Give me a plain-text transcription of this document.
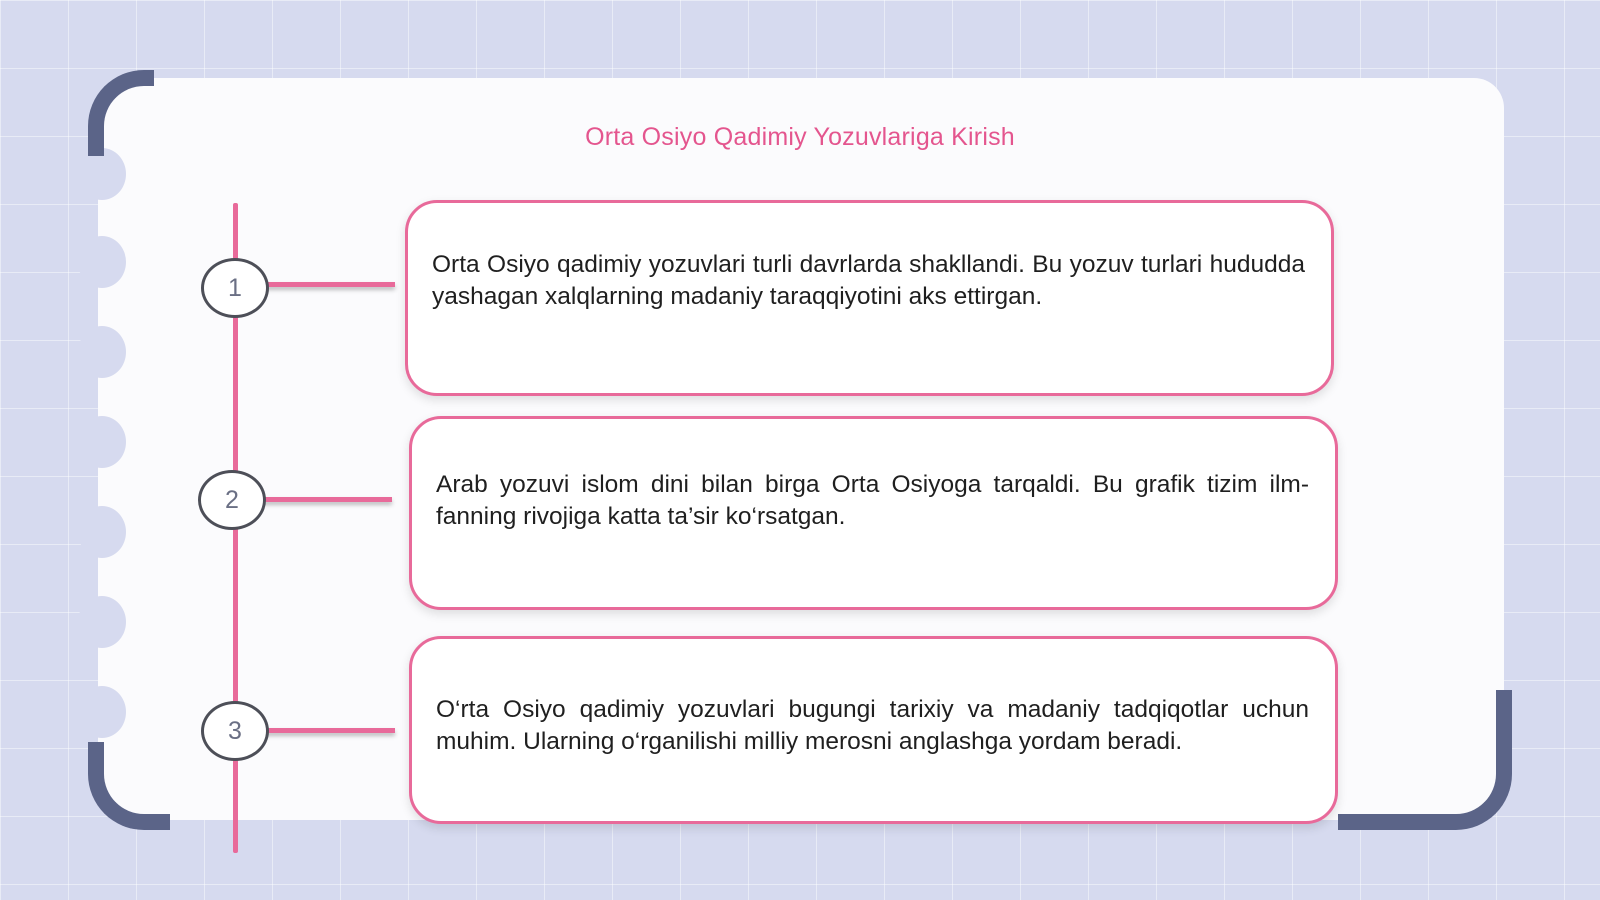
Orta Osiyo Qadimiy Yozuvlariga Kirish
1
2
3

Orta Osiyo qadimiy yozuvlari turli davrlarda shakllandi. Bu yozuv turlari hududda yashagan xalqlarning madaniy taraqqiyotini aks ettirgan.

Arab yozuvi islom dini bilan birga Orta Osiyoga tarqaldi. Bu grafik tizim ilm-fanning rivojiga katta ta’sir ko‘rsatgan.

O‘rta Osiyo qadimiy yozuvlari bugungi tarixiy va madaniy tadqiqotlar uchun muhim. Ularning o‘rganilishi milliy merosni anglashga yordam beradi.
